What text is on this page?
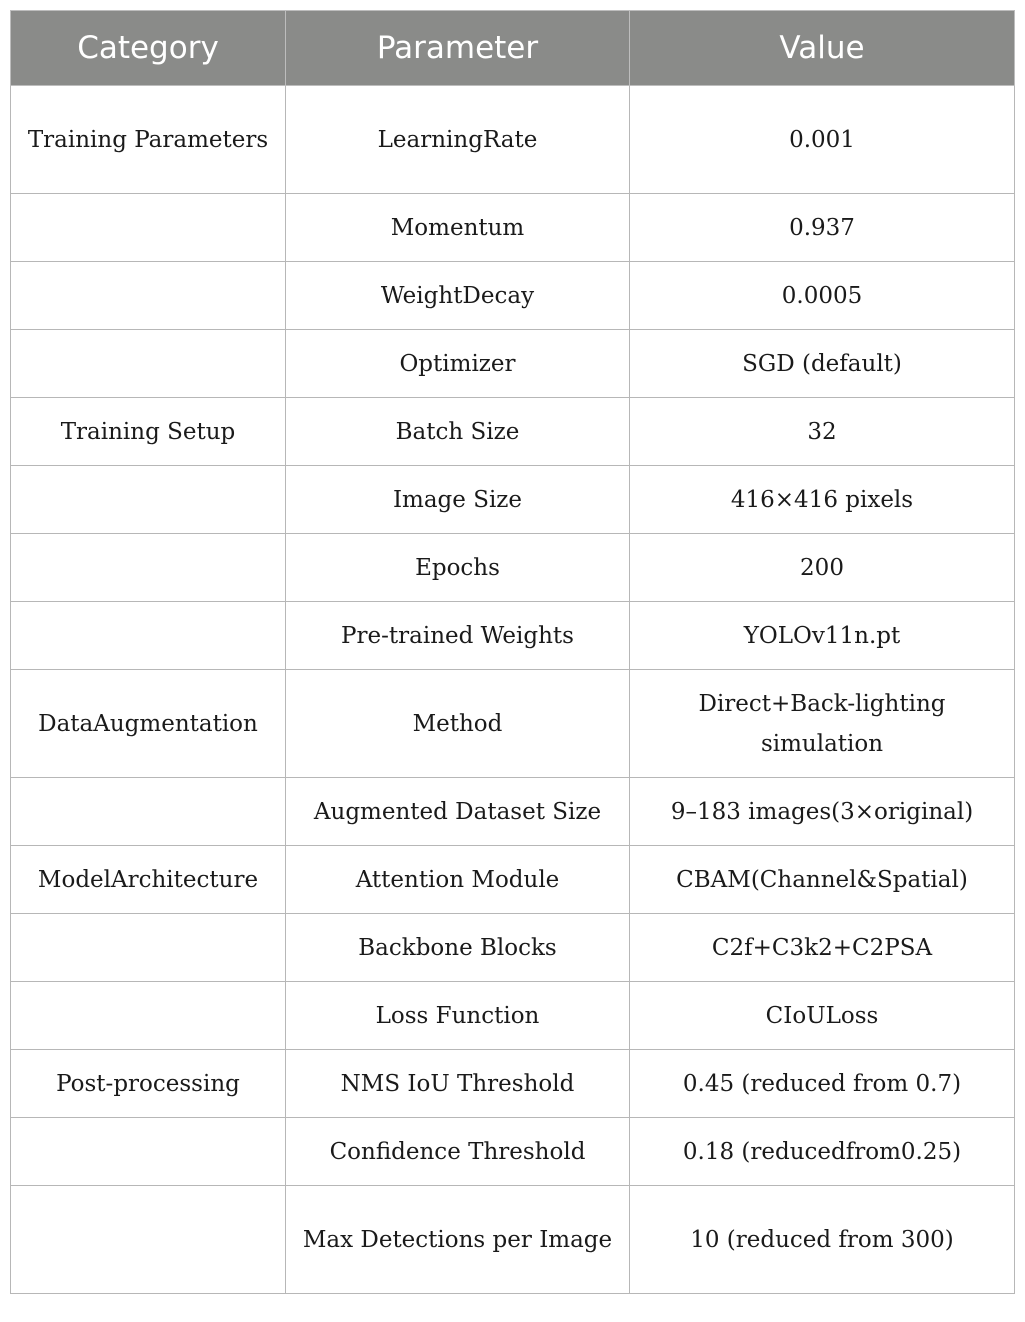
Category	Parameter	Value
Training Parameters	LearningRate	0.001
	Momentum	0.937
	WeightDecay	0.0005
	Optimizer	SGD (default)
Training Setup	Batch Size	32
	Image Size	416×416 pixels
	Epochs	200
	Pre-trained Weights	YOLOv11n.pt
DataAugmentation	Method	Direct+Back-lighting simulation
	Augmented Dataset Size	9–183 images(3×original)
ModelArchitecture	Attention Module	CBAM(Channel&Spatial)
	Backbone Blocks	C2f+C3k2+C2PSA
	Loss Function	CIoULoss
Post-processing	NMS IoU Threshold	0.45 (reduced from 0.7)
	Confidence Threshold	0.18 (reducedfrom0.25)
	Max Detections per Image	10 (reduced from 300)
